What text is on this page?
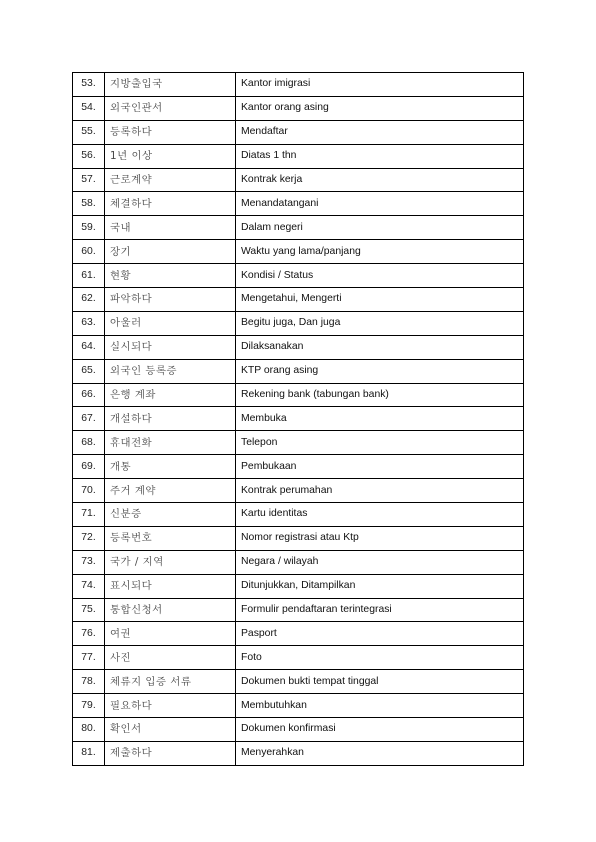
53.	지방출입국	Kantor imigrasi
54.	외국인관서	Kantor orang asing
55.	등록하다	Mendaftar
56.	1년 이상	Diatas 1 thn
57.	근로계약	Kontrak kerja
58.	체결하다	Menandatangani
59.	국내	Dalam negeri
60.	장기	Waktu yang lama/panjang
61.	현황	Kondisi / Status
62.	파악하다	Mengetahui, Mengerti
63.	아울러	Begitu juga, Dan juga
64.	실시되다	Dilaksanakan
65.	외국인 등록증	KTP orang asing
66.	은행 계좌	Rekening bank (tabungan bank)
67.	개설하다	Membuka
68.	휴대전화	Telepon
69.	개통	Pembukaan
70.	주거 계약	Kontrak perumahan
71.	신분증	Kartu identitas
72.	등록번호	Nomor registrasi atau Ktp
73.	국가 / 지역	Negara / wilayah
74.	표시되다	Ditunjukkan, Ditampilkan
75.	통합신청서	Formulir pendaftaran terintegrasi
76.	여권	Pasport
77.	사진	Foto
78.	체류지 입증 서류	Dokumen bukti tempat tinggal
79.	필요하다	Membutuhkan
80.	확인서	Dokumen konfirmasi
81.	제출하다	Menyerahkan
